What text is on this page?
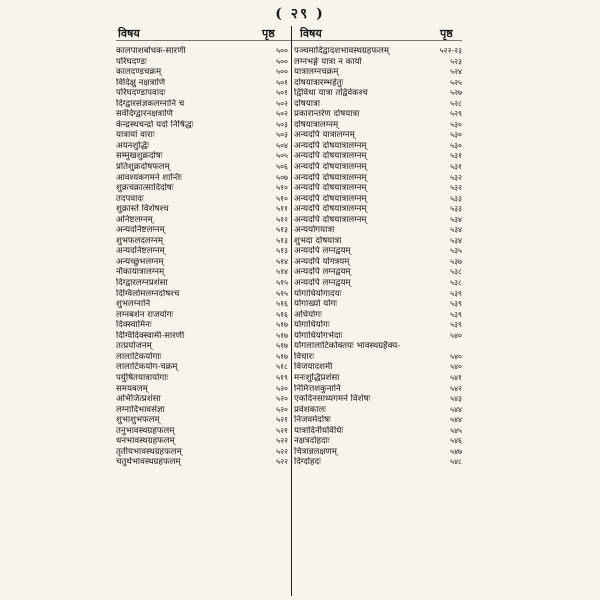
( २९ )
विषय	पृष्ठ विषय	पृष्ठ
कालपाशबोधक-सारणी	५००
परिघदण्डः	५००
कालदण्डचक्रम्	५००
विदिक्षु नक्षत्राणि	५०१
परिघदण्डापवादः	५०१
दिग्द्वारसंज्ञकलग्नानि च	५०२
सर्वदिग्द्वारनक्षत्राणि	५०२
केन्द्रस्थचन्द्रो यदो निषिद्धः	५०३
यात्रायां वाराः	५०३
अयनशुद्धिः	५०४
सम्मुखशुक्रदोषः	५०५
प्रतिशुक्रदोषफलम्	५०६
आवश्यकगमने शान्तिः	५०७
शुक्रचक्रात्सादिदोषः	५१०
तदपवादः	५१०
शुक्रास्ते विशेषश्च	५११
अनिष्टलग्नम्	५१२
अन्यदनिष्टलग्नम्	५१३
शुभफलदलग्नम्	५१३
अन्यदनिष्टलग्नम्	५१३
अन्यच्छुभलग्नम्	५१४
नौकायात्रालग्नम्	५१४
दिग्द्वारलग्नप्रशंसा	५१५
दिग्विलोमलग्नदोषश्च	५१५
शुभलग्नानि	५१६
लग्नबशेन राजयोगः	५१६
दिक्स्वामिनः	५१७
दिग्विदिक्स्वामी-सारणी	५१७
तत्प्रयोजनम्	५१७
लालाटिकयोगाः	५१७
लालाटिकयोग-चक्रम्	५१८
पर्युषितयात्रायोगाः	५१९
समयबलम्	५२०
अभिजित्प्रशंसा	५२०
लग्नादिभावसंज्ञा	५२०
शुभाशुभफलम्	५२१
तनुभावस्थग्रहफलम्	५२१
धनभावस्थग्रहफलम्	५२२
तृतीयभावस्थग्रहफलम्	५२२
चतुर्थभावस्थग्रहफलम्	५२२
पञ्चमादिद्वादशभावस्थग्रहफलम्	५२२-२३
लग्नभङ्गे यात्रा न कार्या	५२३
यात्रालग्नचक्रम्	५२४
दोषयात्रारम्भहेतुः	५२५
द्विविधा यात्रा तद्विवेकश्च	५२७
दोषयात्रा	५२८
प्रकारान्तरेण दोषयात्रा	५२९
दोषयात्रालग्नम्	५३०
अन्यदपि यात्रालग्नम्	५३०
अन्यदपि दोषयात्रालग्नम्	५३०
अन्यदपि दोषयात्रालग्नम्	५३१
अन्यदपि दोषयात्रालग्नम्	५३१
अन्यदपि दोषयात्रालग्नम्	५३२
अन्यदपि दोषयात्रालग्नम्	५३२
अन्यदपि दोषयात्रालग्नम्	५३३
अन्यदपि दोषयात्रालग्नम्	५३३
अन्यदपि दोषयात्रालग्नम्	५३४
अन्ययोगयात्रा	५३४
शुभदा दोषयात्रा	५३४
अन्यदपि लग्नद्वयम्	५३५
अन्यदपि योगत्रयम्	५३७
अन्यदपि लग्नद्वयम्	५३८
अन्यदपि लग्नद्वयम्	५३८
योगाधियोगादयः	५३९
योगाख्यो योगः	५३९
अधियोगः	५३९
योगाधियोगः	५३९
योगाधियोगभेदाः	५४०
योगलालाटिकोक्तयः भावस्थग्रहैक्य-
विचारः	५४०
विजयादशमी	५४०
मनःशुद्धिप्रशंसा	५४१
निमित्तशकुनानि	५४२
एकदिनसाध्यगमने विशेषः	५४३
प्रवेशकालः	५४४
निजवर्मदोषः	५४४
यात्रादिनीयविधिः	५४५
नक्षत्रदोहदाः	५४६
चित्रान्नलक्षणम्	५४७
दिग्दोहदः	५४८
